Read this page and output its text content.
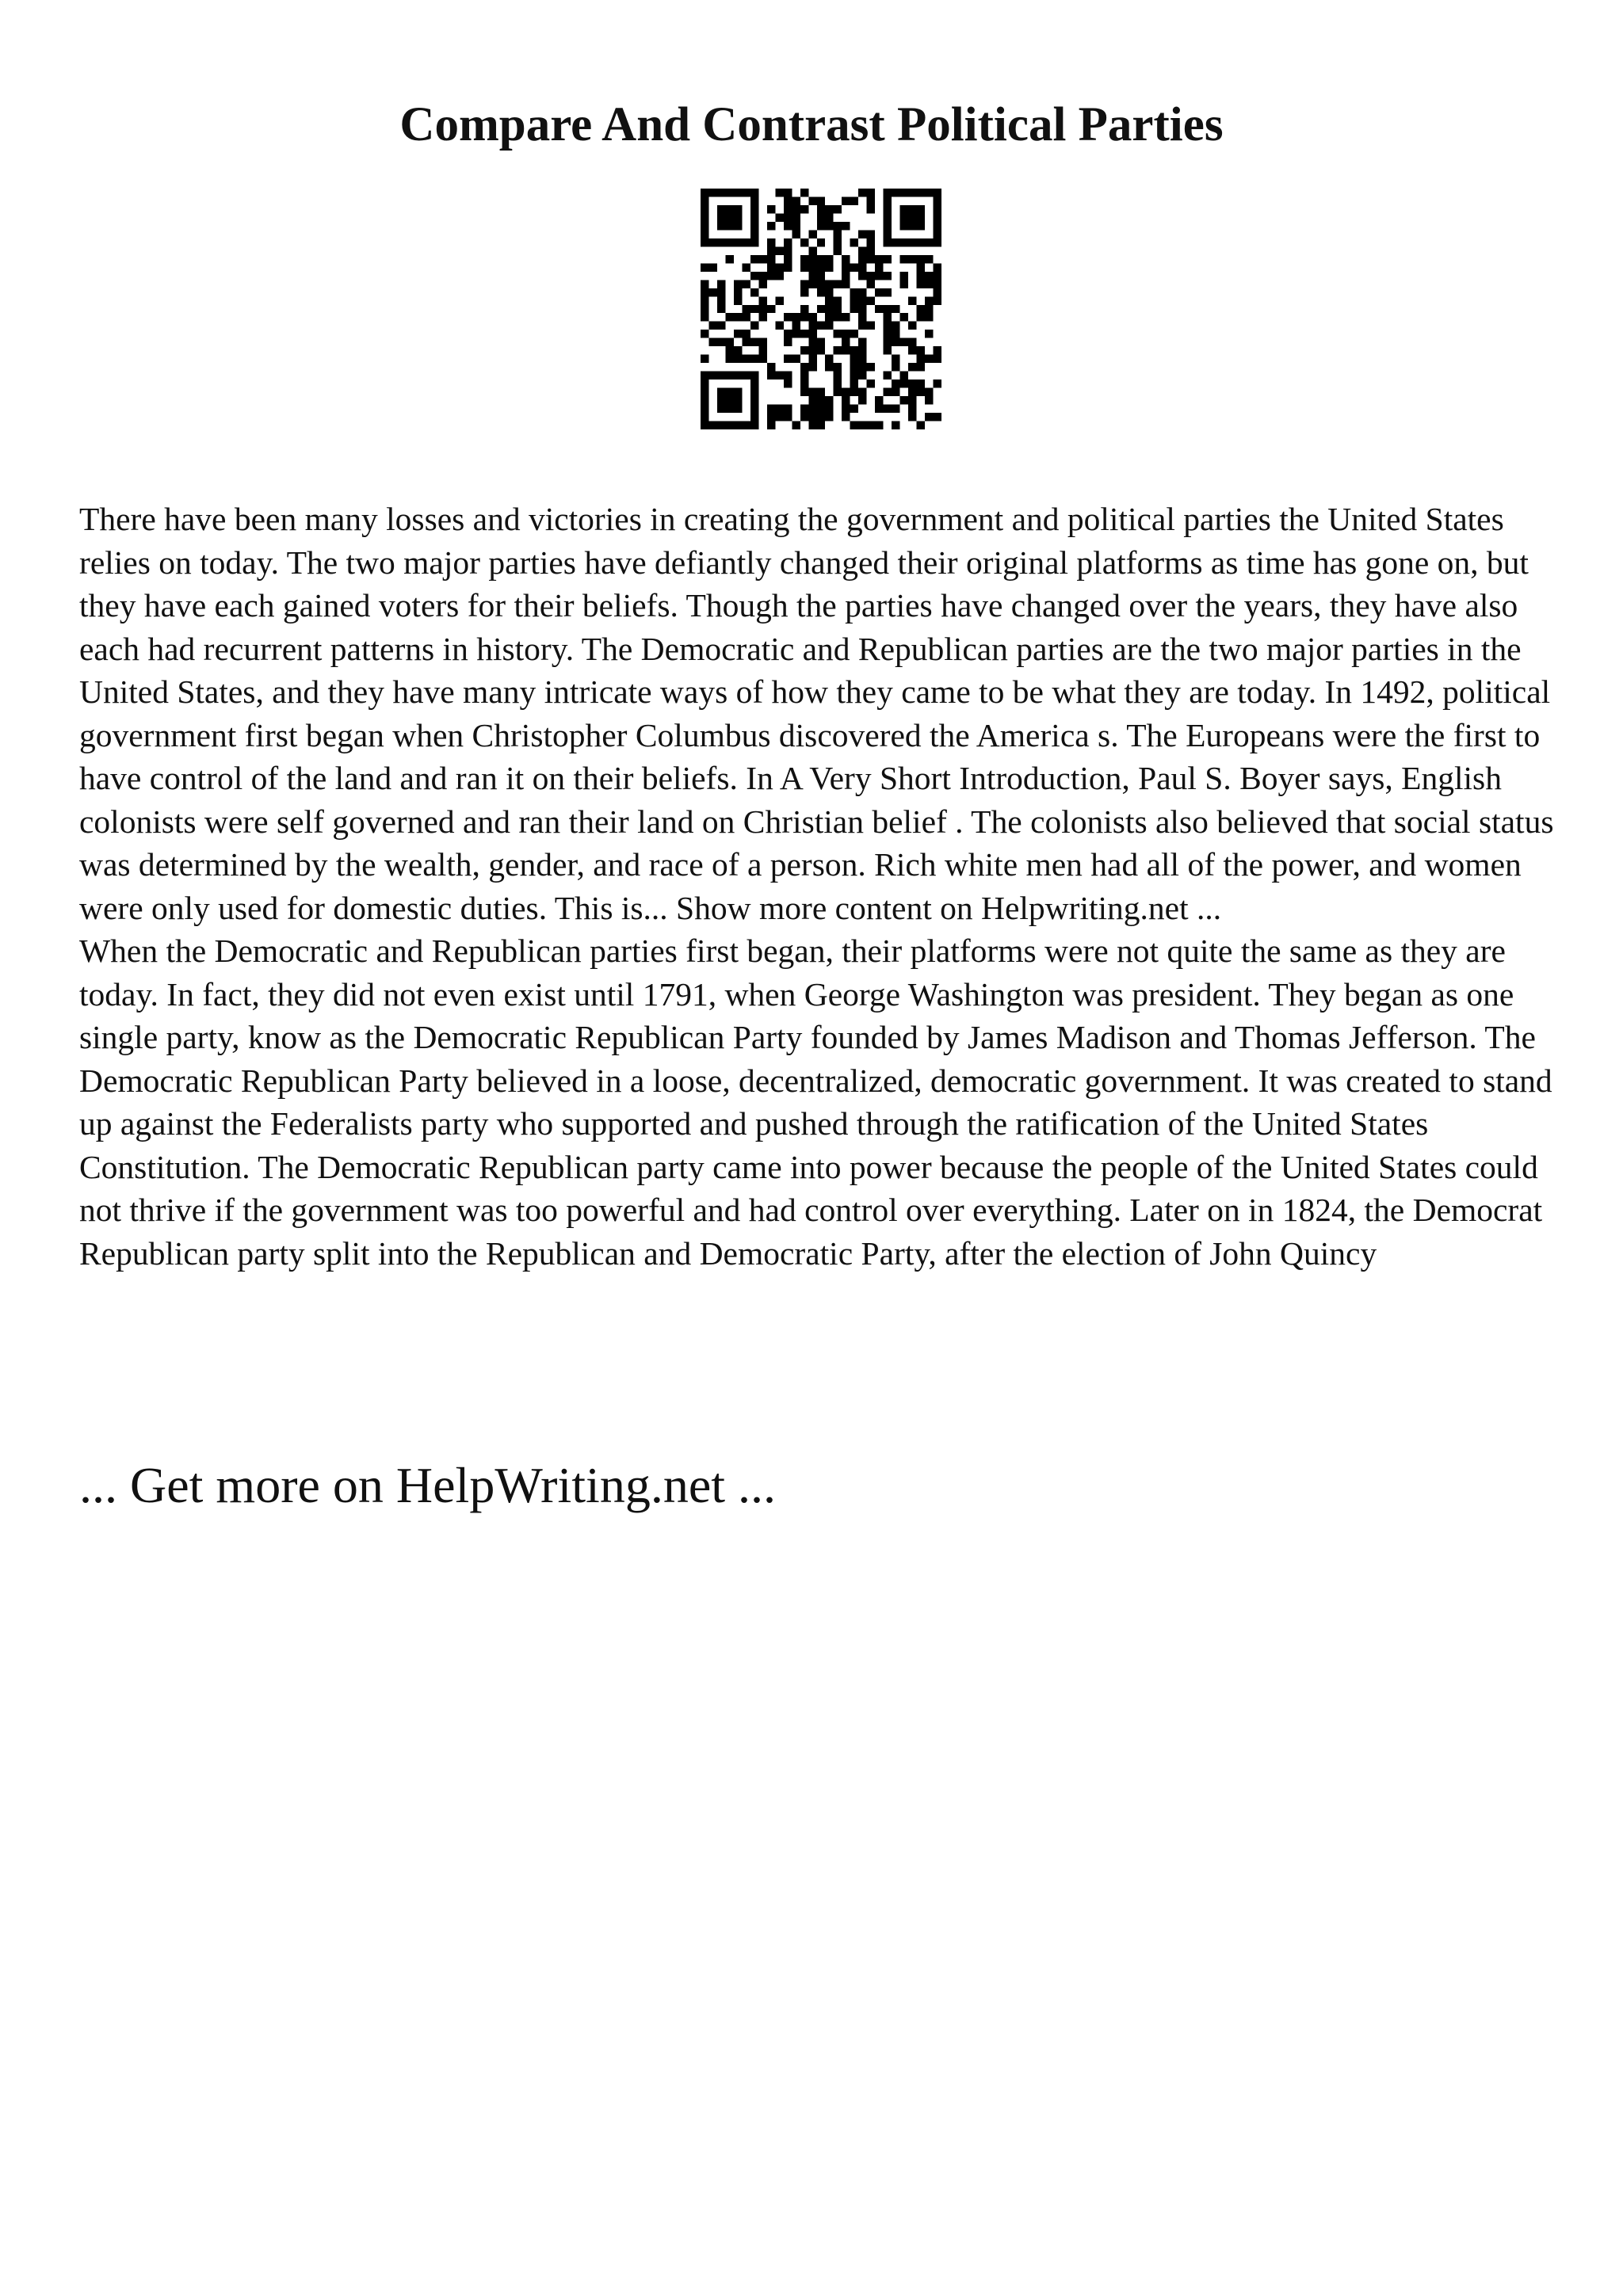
Compare And Contrast Political Parties

There have been many losses and victories in creating the government and political parties the United States relies on today. The two major parties have defiantly changed their original platforms as time has gone on, but they have each gained voters for their beliefs. Though the parties have changed over the years, they have also each had recurrent patterns in history. The Democratic and Republican parties are the two major parties in the United States, and they have many intricate ways of how they came to be what they are today. In 1492, political government first began when Christopher Columbus discovered the America s. The Europeans were the first to have control of the land and ran it on their beliefs. In A Very Short Introduction, Paul S. Boyer says, English colonists were self governed and ran their land on Christian belief . The colonists also believed that social status was determined by the wealth, gender, and race of a person. Rich white men had all of the power, and women were only used for domestic duties. This is... Show more content on Helpwriting.net ...

When the Democratic and Republican parties first began, their platforms were not quite the same as they are today. In fact, they did not even exist until 1791, when George Washington was president. They began as one single party, know as the Democratic Republican Party founded by James Madison and Thomas Jefferson. The Democratic Republican Party believed in a loose, decentralized, democratic government. It was created to stand up against the Federalists party who supported and pushed through the ratification of the United States Constitution. The Democratic Republican party came into power because the people of the United States could not thrive if the government was too powerful and had control over everything. Later on in 1824, the Democrat Republican party split into the Republican and Democratic Party, after the election of John Quincy

... Get more on HelpWriting.net ...
